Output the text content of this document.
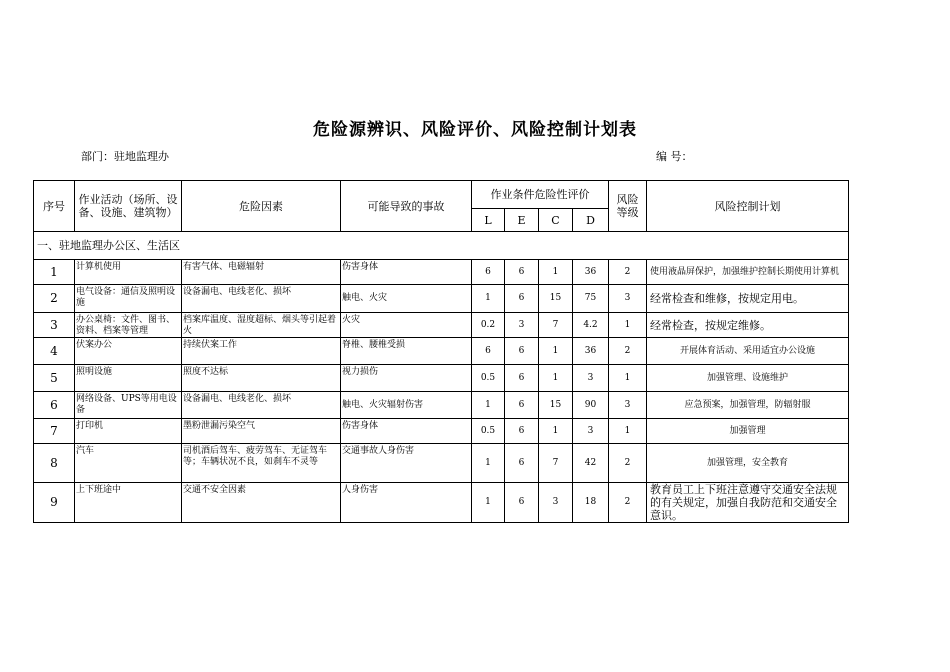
危险源辨识、风险评价、风险控制计划表
部门：驻地监理办	编 号：
序号	作业活动（场所、设备、设施、建筑物）	危险因素	可能导致的事故	作业条件危险性评价				风险等级	风险控制计划
				L	E	C	D		
一、驻地监理办公区、生活区									
1	计算机使用	有害气体、电磁辐射	伤害身体	6	6	1	36	2	使用液晶屏保护，加强维护控制长期使用计算机
2	电气设备：通信及照明设施	设备漏电、电线老化、损坏	触电、火灾	1	6	15	75	3	经常检查和维修，按规定用电。
3	办公桌椅：文件、图书、资料、档案等管理	档案库温度、湿度超标、烟头等引起着火	火灾	0.2	3	7	4.2	1	经常检查，按规定维修。
4	伏案办公	持续伏案工作	脊椎、腰椎受损	6	6	1	36	2	开展体育活动、采用适宜办公设施
5	照明设施	照度不达标	视力损伤	0.5	6	1	3	1	加强管理、设施维护
6	网络设备、UPS等用电设备	设备漏电、电线老化、损坏	触电、火灾辐射伤害	1	6	15	90	3	应急预案，加强管理，防辐射服
7	打印机	墨粉泄漏污染空气	伤害身体	0.5	6	1	3	1	加强管理
8	汽车	司机酒后驾车、疲劳驾车、无证驾车等；车辆状况不良，如刹车不灵等	交通事故人身伤害	1	6	7	42	2	加强管理，安全教育
9	上下班途中	交通不安全因素	人身伤害	1	6	3	18	2	教育员工上下班注意遵守交通安全法规的有关规定，加强自我防范和交通安全意识。
